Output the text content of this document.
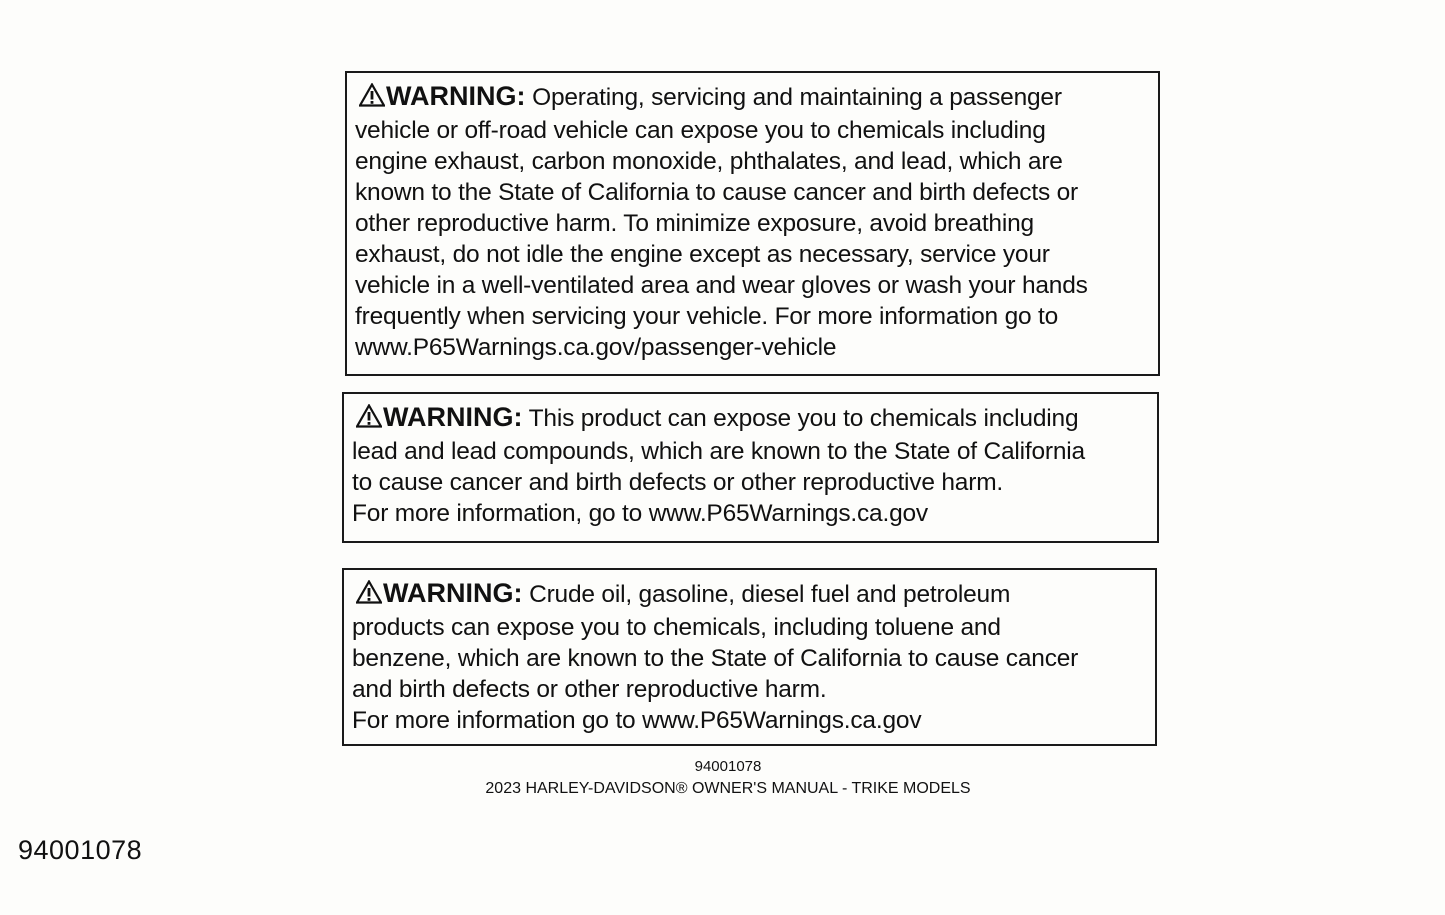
WARNING: Operating, servicing and maintaining a passenger
vehicle or off-road vehicle can expose you to chemicals including
engine exhaust, carbon monoxide, phthalates, and lead, which are
known to the State of California to cause cancer and birth defects or
other reproductive harm. To minimize exposure, avoid breathing
exhaust, do not idle the engine except as necessary, service your
vehicle in a well-ventilated area and wear gloves or wash your hands
frequently when servicing your vehicle. For more information go to
www.P65Warnings.ca.gov/passenger-vehicle
WARNING: This product can expose you to chemicals including
lead and lead compounds, which are known to the State of California
to cause cancer and birth defects or other reproductive harm.
For more information, go to www.P65Warnings.ca.gov
WARNING: Crude oil, gasoline, diesel fuel and petroleum
products can expose you to chemicals, including toluene and
benzene, which are known to the State of California to cause cancer
and birth defects or other reproductive harm.
For more information go to www.P65Warnings.ca.gov
94001078
2023 HARLEY-DAVIDSON® OWNER'S MANUAL - TRIKE MODELS
94001078
